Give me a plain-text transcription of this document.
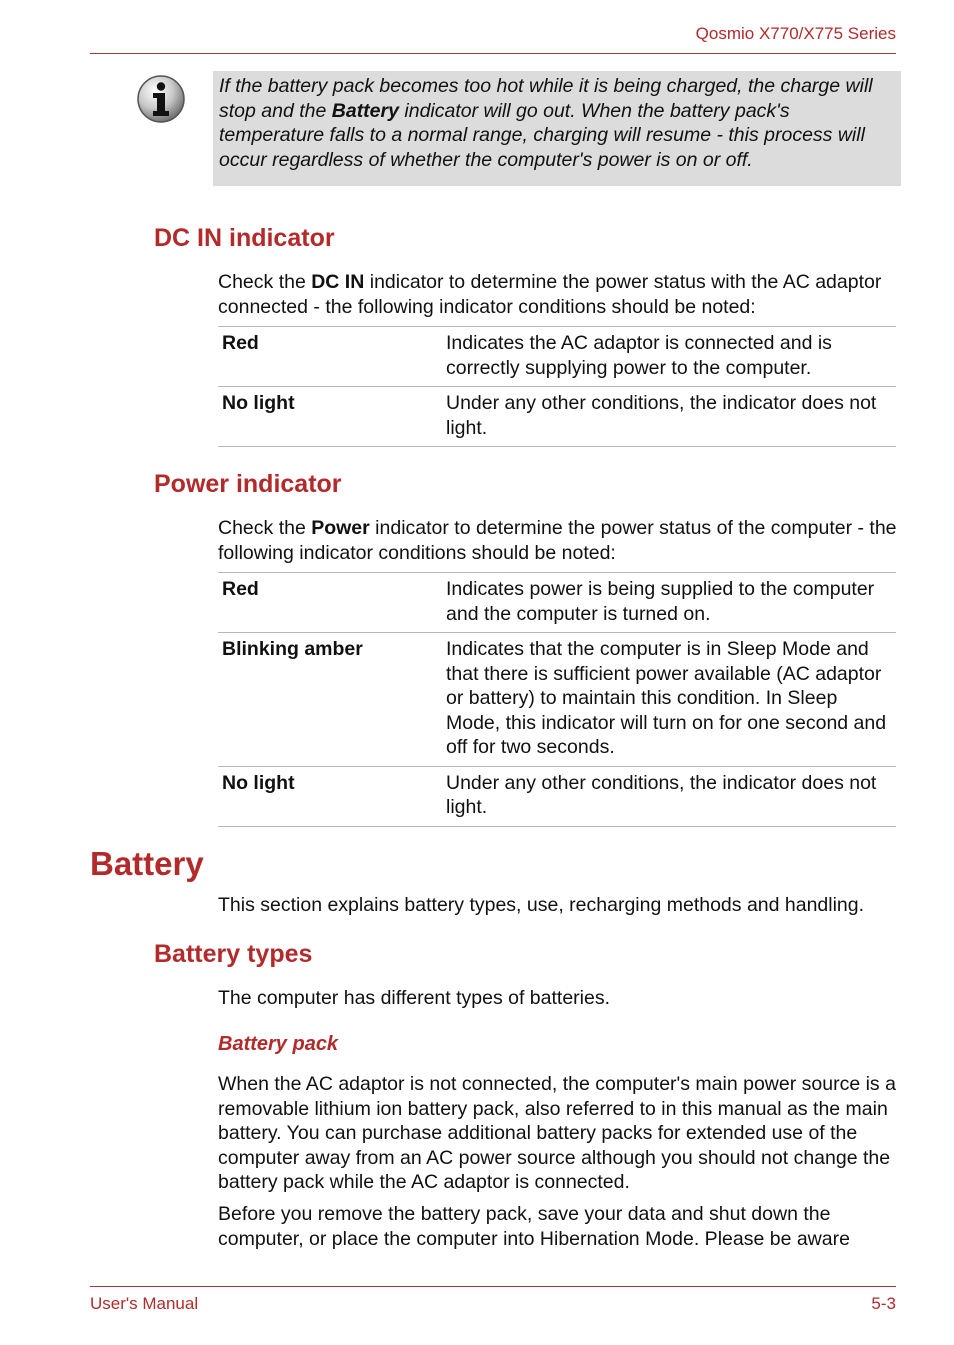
Qosmio X770/X775 Series
If the battery pack becomes too hot while it is being charged, the charge will stop and the Battery indicator will go out. When the battery pack's temperature falls to a normal range, charging will resume - this process will occur regardless of whether the computer's power is on or off.
DC IN indicator

Check the DC IN indicator to determine the power status with the AC adaptor connected - the following indicator conditions should be noted:

Red	Indicates the AC adaptor is connected and is correctly supplying power to the computer.
No light	Under any other conditions, the indicator does not light.
Power indicator

Check the Power indicator to determine the power status of the computer - the following indicator conditions should be noted:

Red	Indicates power is being supplied to the computer and the computer is turned on.
Blinking amber	Indicates that the computer is in Sleep Mode and that there is sufficient power available (AC adaptor or battery) to maintain this condition. In Sleep Mode, this indicator will turn on for one second and off for two seconds.
No light	Under any other conditions, the indicator does not light.
Battery

This section explains battery types, use, recharging methods and handling.

Battery types

The computer has different types of batteries.

Battery pack

When the AC adaptor is not connected, the computer's main power source is a removable lithium ion battery pack, also referred to in this manual as the main battery. You can purchase additional battery packs for extended use of the computer away from an AC power source although you should not change the battery pack while the AC adaptor is connected.

Before you remove the battery pack, save your data and shut down the computer, or place the computer into Hibernation Mode. Please be aware

User's Manual	5-3
